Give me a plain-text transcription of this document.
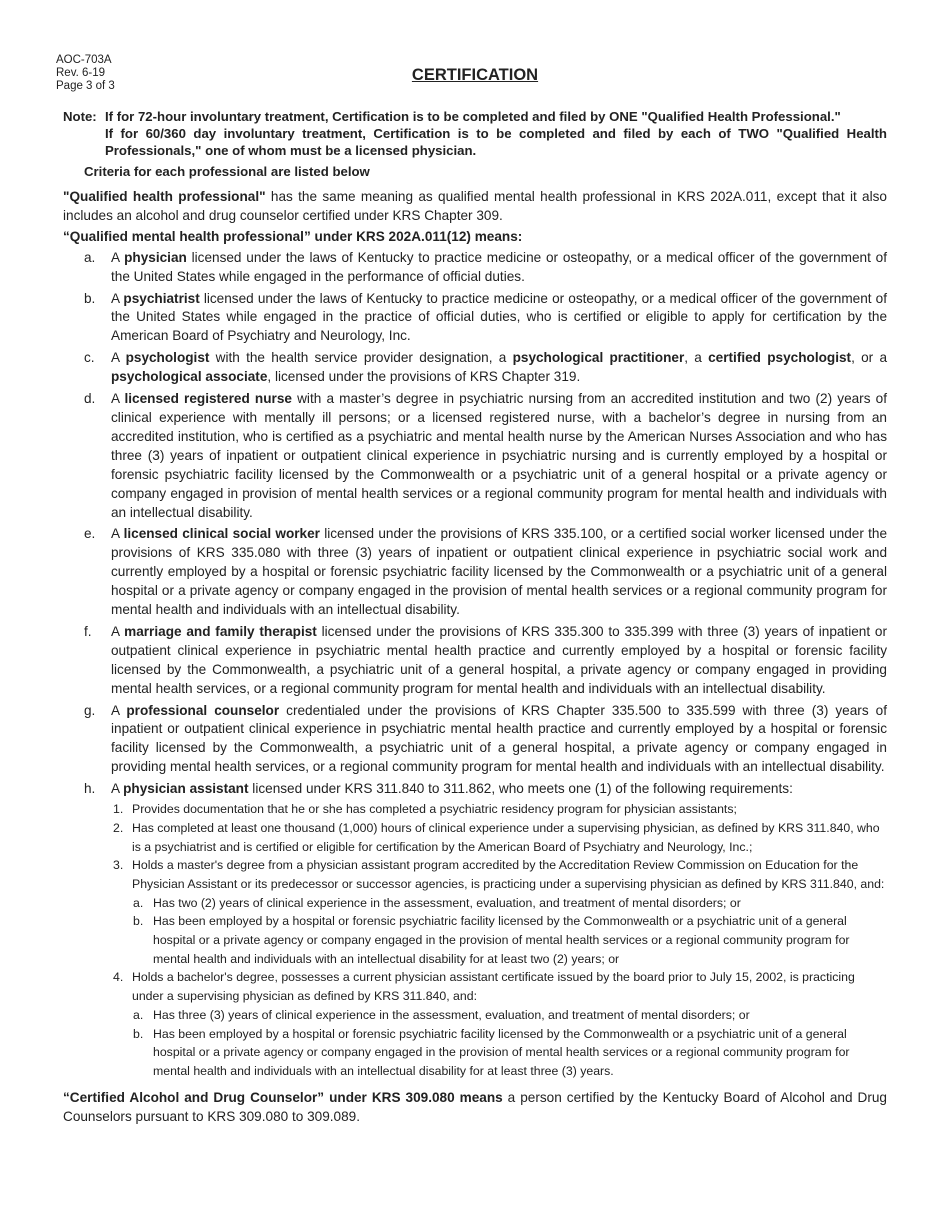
AOC-703A
Rev. 6-19
Page 3 of 3
CERTIFICATION
Note: If for 72-hour involuntary treatment, Certification is to be completed and filed by ONE "Qualified Health Professional."
If for 60/360 day involuntary treatment, Certification is to be completed and filed by each of TWO "Qualified Health Professionals," one of whom must be a licensed physician.
Criteria for each professional are listed below

"Qualified health professional" has the same meaning as qualified mental health professional in KRS 202A.011, except that it also includes an alcohol and drug counselor certified under KRS Chapter 309.

“Qualified mental health professional” under KRS 202A.011(12) means:

a. A physician licensed under the laws of Kentucky to practice medicine or osteopathy, or a medical officer of the government of the United States while engaged in the performance of official duties.
b. A psychiatrist licensed under the laws of Kentucky to practice medicine or osteopathy, or a medical officer of the government of the United States while engaged in the practice of official duties, who is certified or eligible to apply for certification by the American Board of Psychiatry and Neurology, Inc.
c. A psychologist with the health service provider designation, a psychological practitioner, a certified psychologist, or a psychological associate, licensed under the provisions of KRS Chapter 319.
d. A licensed registered nurse with a master’s degree in psychiatric nursing from an accredited institution and two (2) years of clinical experience with mentally ill persons; or a licensed registered nurse, with a bachelor’s degree in nursing from an accredited institution, who is certified as a psychiatric and mental health nurse by the American Nurses Association and who has three (3) years of inpatient or outpatient clinical experience in psychiatric nursing and is currently employed by a hospital or forensic psychiatric facility licensed by the Commonwealth or a psychiatric unit of a general hospital or a private agency or company engaged in provision of mental health services or a regional community program for mental health and individuals with an intellectual disability.
e. A licensed clinical social worker licensed under the provisions of KRS 335.100, or a certified social worker licensed under the provisions of KRS 335.080 with three (3) years of inpatient or outpatient clinical experience in psychiatric social work and currently employed by a hospital or forensic psychiatric facility licensed by the Commonwealth or a psychiatric unit of a general hospital or a private agency or company engaged in the provision of mental health services or a regional community program for mental health and individuals with an intellectual disability.
f. A marriage and family therapist licensed under the provisions of KRS 335.300 to 335.399 with three (3) years of inpatient or outpatient clinical experience in psychiatric mental health practice and currently employed by a hospital or forensic facility licensed by the Commonwealth, a psychiatric unit of a general hospital, a private agency or company engaged in providing mental health services, or a regional community program for mental health and individuals with an intellectual disability.
g. A professional counselor credentialed under the provisions of KRS Chapter 335.500 to 335.599 with three (3) years of inpatient or outpatient clinical experience in psychiatric mental health practice and currently employed by a hospital or forensic facility licensed by the Commonwealth, a psychiatric unit of a general hospital, a private agency or company engaged in providing mental health services, or a regional community program for mental health and individuals with an intellectual disability.
h. A physician assistant licensed under KRS 311.840 to 311.862, who meets one (1) of the following requirements:
1. Provides documentation that he or she has completed a psychiatric residency program for physician assistants;
2. Has completed at least one thousand (1,000) hours of clinical experience under a supervising physician, as defined by KRS 311.840, who is a psychiatrist and is certified or eligible for certification by the American Board of Psychiatry and Neurology, Inc.;
3. Holds a master's degree from a physician assistant program accredited by the Accreditation Review Commission on Education for the Physician Assistant or its predecessor or successor agencies, is practicing under a supervising physician as defined by KRS 311.840, and:
a. Has two (2) years of clinical experience in the assessment, evaluation, and treatment of mental disorders; or
b. Has been employed by a hospital or forensic psychiatric facility licensed by the Commonwealth or a psychiatric unit of a general hospital or a private agency or company engaged in the provision of mental health services or a regional community program for mental health and individuals with an intellectual disability for at least two (2) years; or
4. Holds a bachelor's degree, possesses a current physician assistant certificate issued by the board prior to July 15, 2002, is practicing under a supervising physician as defined by KRS 311.840, and:
a. Has three (3) years of clinical experience in the assessment, evaluation, and treatment of mental disorders; or
b. Has been employed by a hospital or forensic psychiatric facility licensed by the Commonwealth or a psychiatric unit of a general hospital or a private agency or company engaged in the provision of mental health services or a regional community program for mental health and individuals with an intellectual disability for at least three (3) years.

“Certified Alcohol and Drug Counselor” under KRS 309.080 means a person certified by the Kentucky Board of Alcohol and Drug Counselors pursuant to KRS 309.080 to 309.089.
